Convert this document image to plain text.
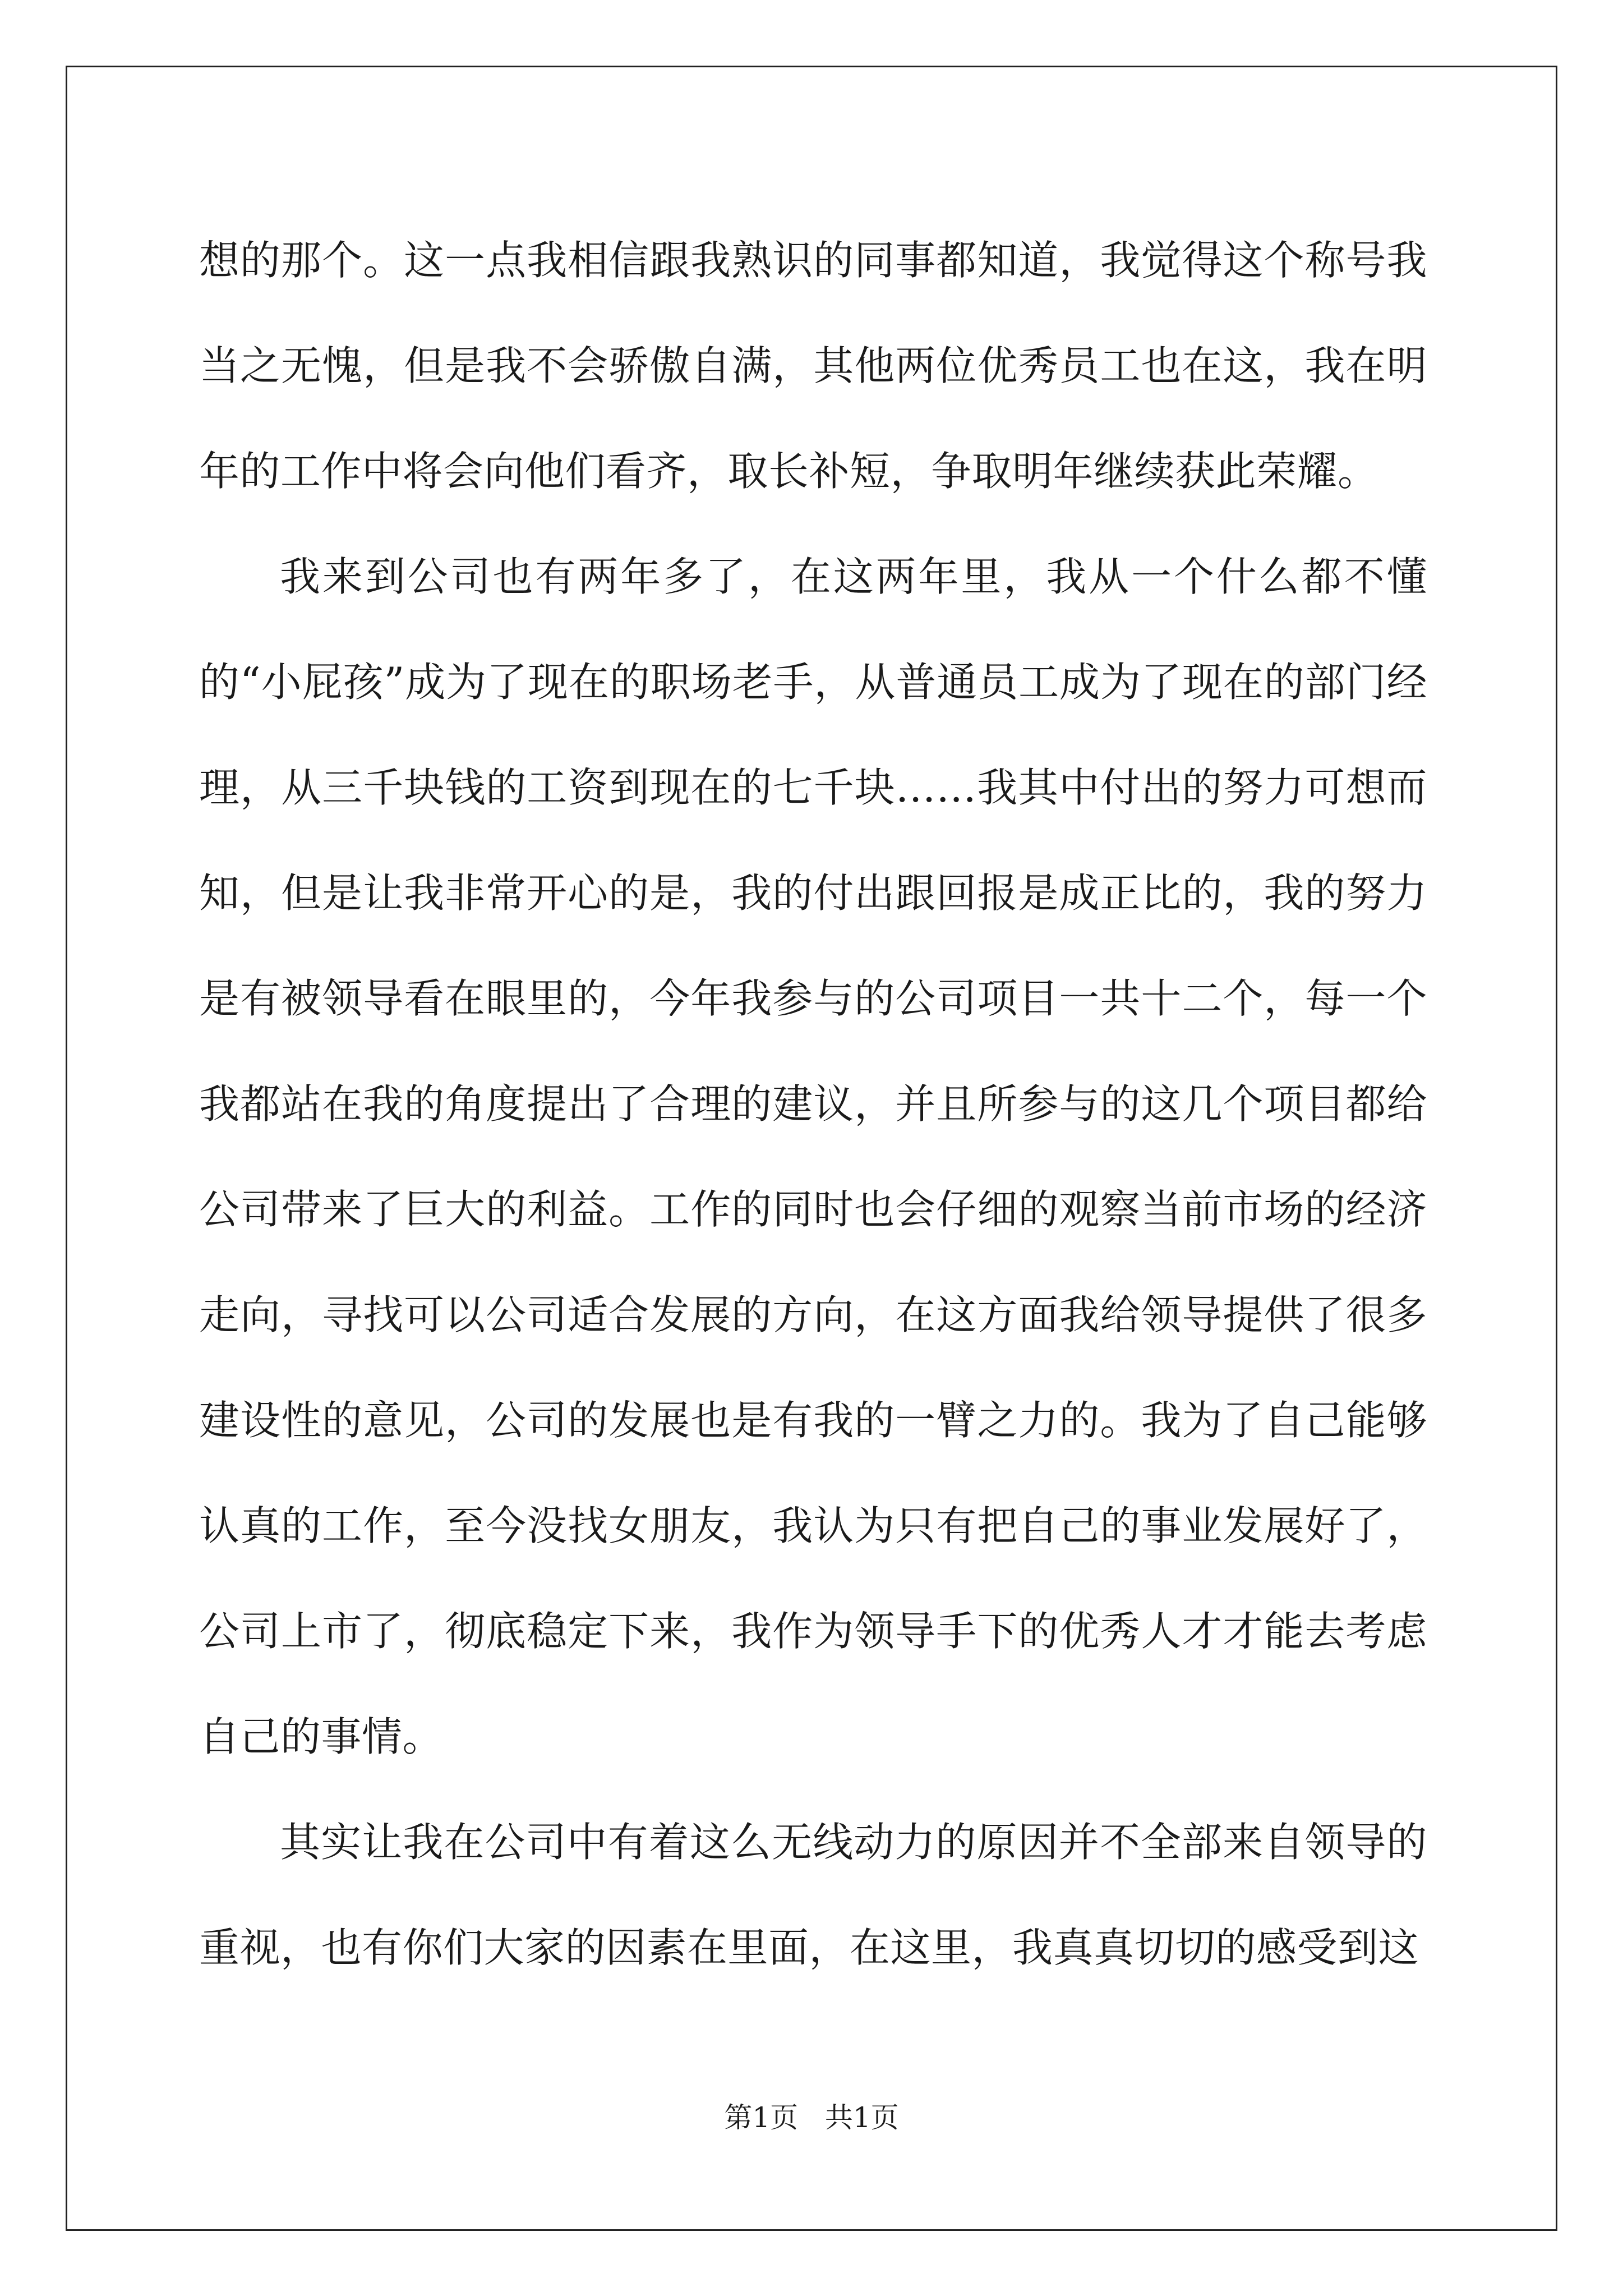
想的那个。这一点我相信跟我熟识的同事都知道，我觉得这个称号我当之无愧，但是我不会骄傲自满，其他两位优秀员工也在这，我在明年的工作中将会向他们看齐，取长补短，争取明年继续获此荣耀。

我来到公司也有两年多了，在这两年里，我从一个什么都不懂的“小屁孩”成为了现在的职场老手，从普通员工成为了现在的部门经理，从三千块钱的工资到现在的七千块……我其中付出的努力可想而知，但是让我非常开心的是，我的付出跟回报是成正比的，我的努力是有被领导看在眼里的，今年我参与的公司项目一共十二个，每一个我都站在我的角度提出了合理的建议，并且所参与的这几个项目都给公司带来了巨大的利益。工作的同时也会仔细的观察当前市场的经济走向，寻找可以公司适合发展的方向，在这方面我给领导提供了很多建设性的意见，公司的发展也是有我的一臂之力的。我为了自己能够认真的工作，至今没找女朋友，我认为只有把自己的事业发展好了，公司上市了，彻底稳定下来，我作为领导手下的优秀人才才能去考虑自己的事情。

其实让我在公司中有着这么无线动力的原因并不全部来自领导的重视，也有你们大家的因素在里面，在这里，我真真切切的感受到这

第1页   共1页
